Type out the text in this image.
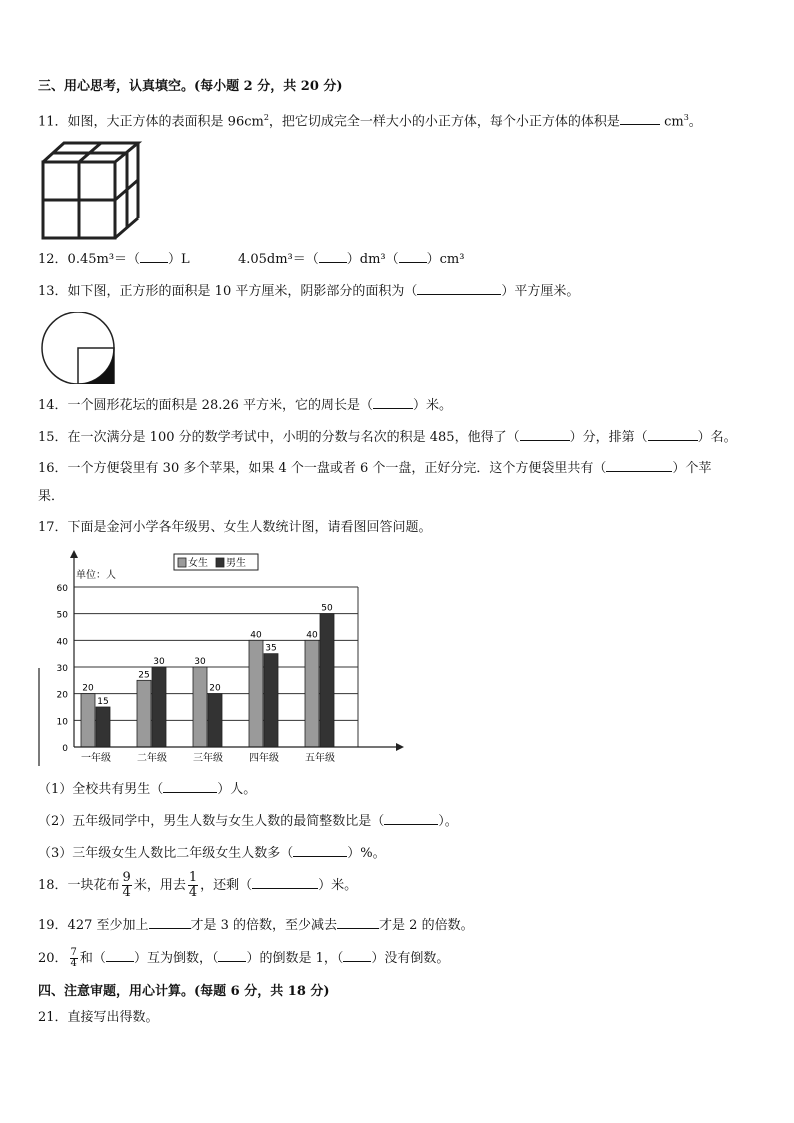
三、用心思考，认真填空。(每小题 2 分，共 20 分)
11．如图，大正方体的表面积是 $96cm^2$，把它切成完全一样大小的小正方体，每个小正方体的体积是	$cm^3$。
12．0.45m³＝（ ）L	4.05dm³＝（ ）dm³（ ）cm³
13．如下图，正方形的面积是 10 平方厘米，阴影部分的面积为（	）平方厘米。
14．一个圆形花坛的面积是 28.26 平方米，它的周长是（	）米。
15．在一次满分是 100 分的数学考试中，小明的分数与名次的积是 485，他得了（	）分，排第（	）名。
16．一个方便袋里有 30 多个苹果，如果 4 个一盘或者 6 个一盘，正好分完．这个方便袋里共有（	）个苹
果．
17．下面是金河小学各年级男、女生人数统计图，请看图回答问题。
单位：人
女生 男生
0
10
20
30
40
50
60
20
15
25
30	30
20
40
35
40
50
一年级	二年级	三年级	四年级	五年级
（1）全校共有男生（	）人。
（2）五年级同学中，男生人数与女生人数的最简整数比是（	）。
（3）三年级女生人数比二年级女生人数多（	）%。
18．一块花布 $\frac{9}{4}$ 米，用去 $\frac{1}{4}$ ，还剩（	）米。
19．427 至少加上	才是 3 的倍数，至少减去	才是 2 的倍数。
20． $\frac{7}{4}$ 和（ ）互为倒数，（ ）的倒数是 1，（ ）没有倒数。
四、注意审题，用心计算。(每题 6 分，共 18 分)
21．直接写出得数。
